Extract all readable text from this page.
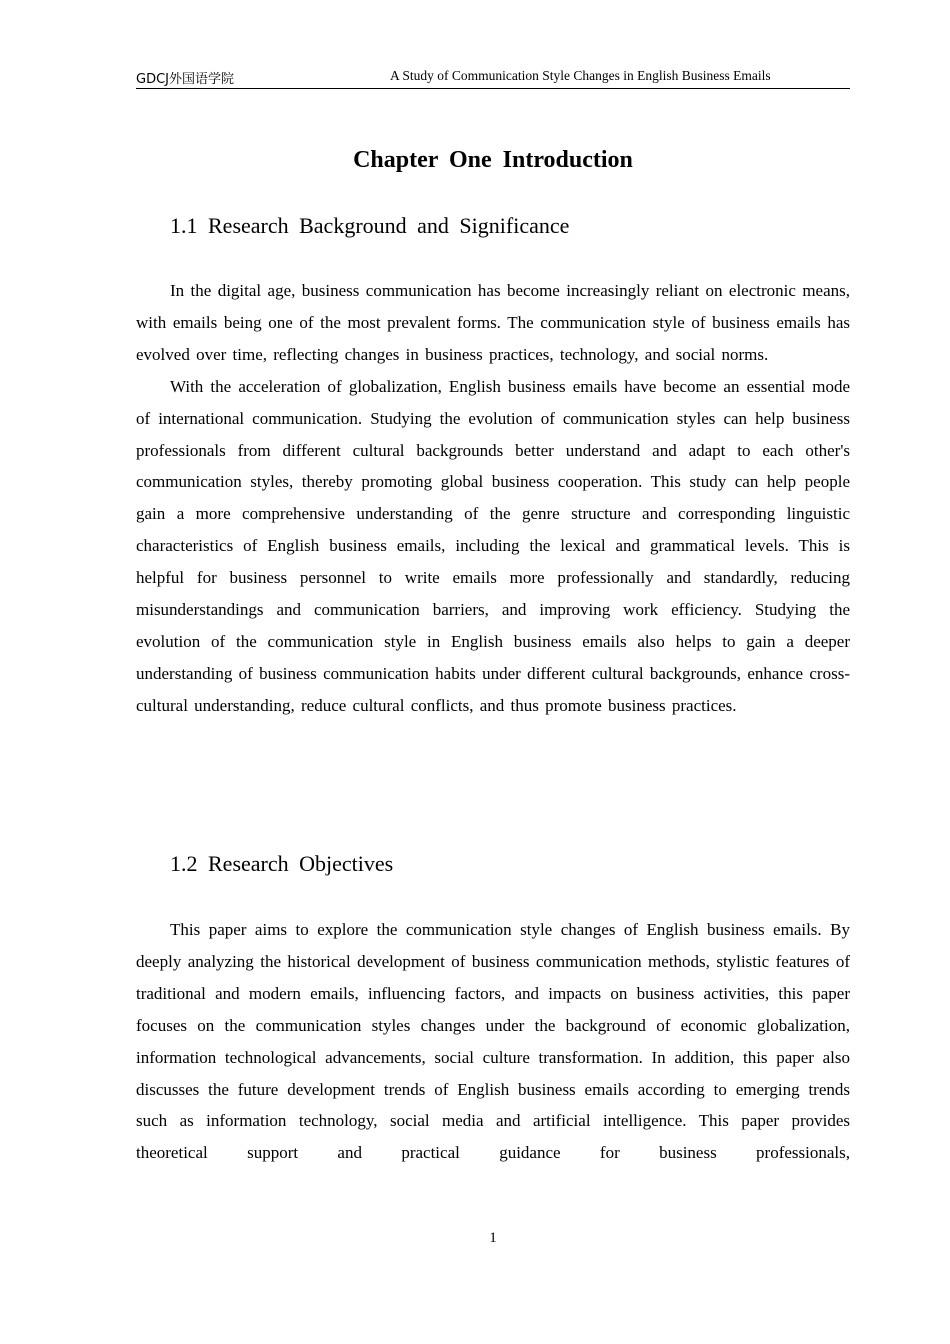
GDCJ外国语学院	A Study of Communication Style Changes in English Business Emails
Chapter One Introduction
1.1 Research Background and Significance

In the digital age, business communication has become increasingly reliant on electronic means, with emails being one of the most prevalent forms. The communication style of business emails has evolved over time, reflecting changes in business practices, technology, and social norms.

With the acceleration of globalization, English business emails have become an essential mode of international communication. Studying the evolution of communication styles can help business professionals from different cultural backgrounds better understand and adapt to each other's communication styles, thereby promoting global business cooperation. This study can help people gain a more comprehensive understanding of the genre structure and corresponding linguistic characteristics of English business emails, including the lexical and grammatical levels. This is helpful for business personnel to write emails more professionally and standardly, reducing misunderstandings and communication barriers, and improving work efficiency. Studying the evolution of the communication style in English business emails also helps to gain a deeper understanding of business communication habits under different cultural backgrounds, enhance cross-cultural understanding, reduce cultural conflicts, and thus promote business practices.

1.2 Research Objectives

This paper aims to explore the communication style changes of English business emails. By deeply analyzing the historical development of business communication methods, stylistic features of traditional and modern emails, influencing factors, and impacts on business activities, this paper focuses on the communication styles changes under the background of economic globalization, information technological advancements, social culture transformation. In addition, this paper also discusses the future development trends of English business emails according to emerging trends such as information technology, social media and artificial intelligence. This paper provides theoretical support and practical guidance for business professionals,

1
